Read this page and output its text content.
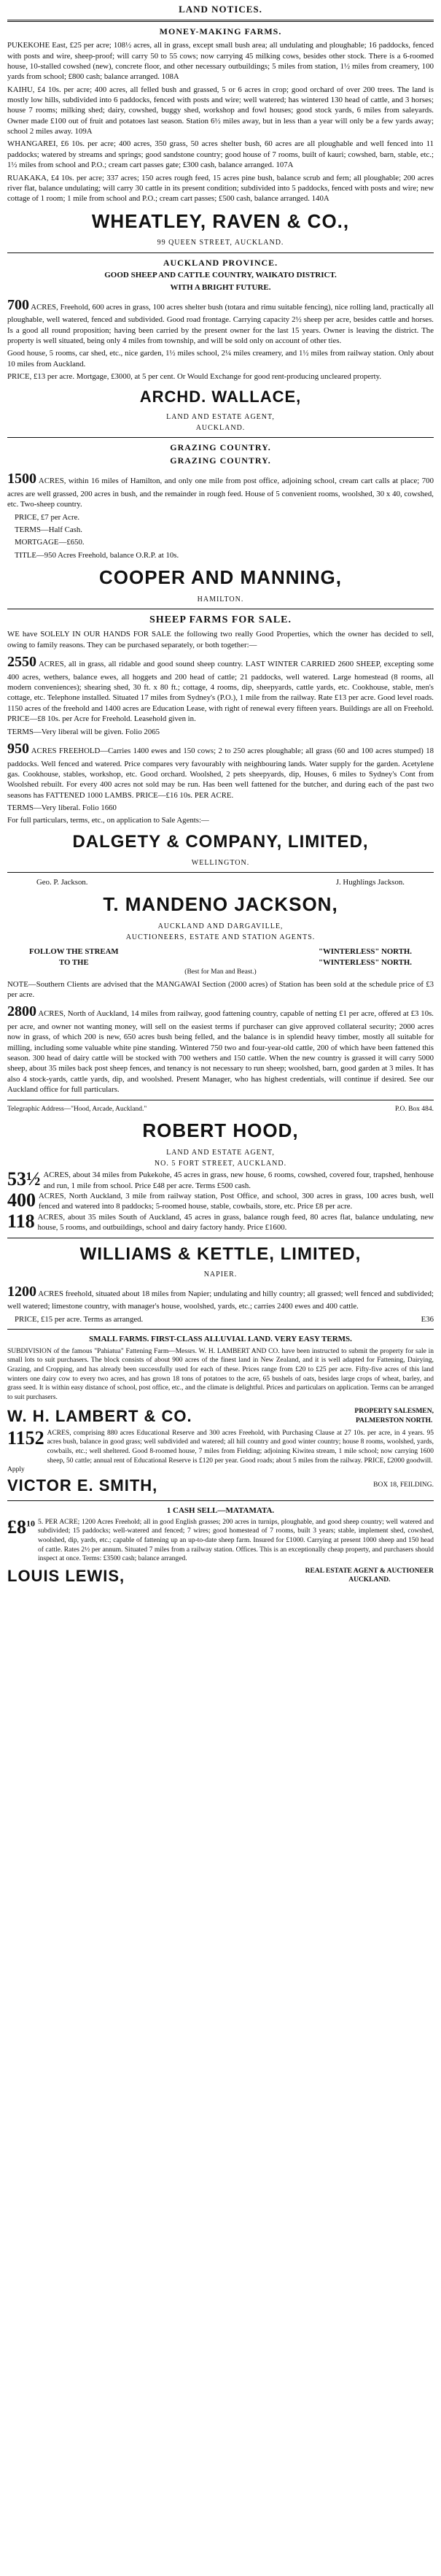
LAND NOTICES.
MONEY-MAKING FARMS.

PUKEKOHE East, £25 per acre; 108½ acres, all in grass, except small bush area; all undulating and ploughable; 16 paddocks, fenced with posts and wire, sheep-proof; will carry 50 to 55 cows; now carrying 45 milking cows, besides other stock. There is a 6-roomed house, 10-stalled cowshed (new), concrete floor, and other necessary outbuildings; 5 miles from station, 1½ miles from creamery, 100 yards from school; £800 cash; balance arranged. 108A

KAIHU, £4 10s. per acre; 400 acres, all felled bush and grassed, 5 or 6 acres in crop; good orchard of over 200 trees. The land is mostly low hills, subdivided into 6 paddocks, fenced with posts and wire; well watered; has wintered 130 head of cattle, and 3 horses; house 7 rooms; milking shed; dairy, cowshed, buggy shed, workshop and fowl houses; good stock yards, 6 miles from saleyards. Owner made £100 out of fruit and potatoes last season. Station 6½ miles away, but in less than a year will only be a few yards away; school 2 miles away. 109A

WHANGAREI, £6 10s. per acre; 400 acres, 350 grass, 50 acres shelter bush, 60 acres are all ploughable and well fenced into 11 paddocks; watered by streams and springs; good sandstone country; good house of 7 rooms, built of kauri; cowshed, barn, stable, etc.; 1½ miles from school and P.O.; cream cart passes gate; £300 cash, balance arranged. 107A

RUAKAKA, £4 10s. per acre; 337 acres; 150 acres rough feed, 15 acres pine bush, balance scrub and fern; all ploughable; 200 acres river flat, balance undulating; will carry 30 cattle in its present condition; subdivided into 5 paddocks, fenced with posts and wire; new cottage of 1 room; 1 mile from school and P.O.; cream cart passes; £500 cash, balance arranged. 140A

WHEATLEY, RAVEN & CO.,
99 QUEEN STREET, AUCKLAND.
AUCKLAND PROVINCE.
GOOD SHEEP AND CATTLE COUNTRY, WAIKATO DISTRICT.
WITH A BRIGHT FUTURE.

700 ACRES, Freehold, 600 acres in grass, 100 acres shelter bush (totara and rimu suitable fencing), nice rolling land, practically all ploughable, well watered, fenced and subdivided. Good road frontage. Carrying capacity 2½ sheep per acre, besides cattle and horses. Is a good all round proposition; having been carried by the present owner for the last 15 years. Owner is leaving the district. The property is well situated, being only 4 miles from township, and will be sold only on account of other ties.

Good house, 5 rooms, car shed, etc., nice garden, 1½ miles school, 2¼ miles creamery, and 1½ miles from railway station. Only about 10 miles from Auckland.

PRICE, £13 per acre. Mortgage, £3000, at 5 per cent. Or Would Exchange for good rent-producing uncleared property.

ARCHD. WALLACE,
LAND AND ESTATE AGENT,
AUCKLAND.
GRAZING COUNTRY.
GRAZING COUNTRY.

1500 ACRES, within 16 miles of Hamilton, and only one mile from post office, adjoining school, cream cart calls at place; 700 acres are well grassed, 200 acres in bush, and the remainder in rough feed. House of 5 convenient rooms, woolshed, 30 x 40, cowshed, etc. Two-sheep country.

PRICE, £7 per Acre.

TERMS—Half Cash.

MORTGAGE—£650.

TITLE—950 Acres Freehold, balance O.R.P. at 10s.

COOPER AND MANNING,
HAMILTON.
SHEEP FARMS FOR SALE.

WE have SOLELY IN OUR HANDS FOR SALE the following two really Good Properties, which the owner has decided to sell, owing to family reasons. They can be purchased separately, or both together:—

2550 ACRES, all in grass, all ridable and good sound sheep country. LAST WINTER CARRIED 2600 SHEEP, excepting some 400 acres, wethers, balance ewes, all hoggets and 200 head of cattle; 21 paddocks, well watered. Large homestead (8 rooms, all modern conveniences); shearing shed, 30 ft. x 80 ft.; cottage, 4 rooms, dip, sheepyards, cattle yards, etc. Cookhouse, stable, men's cottage, etc. Telephone installed. Situated 17 miles from Sydney's (P.O.), 1 mile from the railway. Rate £13 per acre. Good level roads. 1150 acres of the freehold and 1400 acres are Education Lease, with right of renewal every fifteen years. Buildings are all on Freehold. PRICE—£8 10s. per Acre for Freehold. Leasehold given in.

TERMS—Very liberal will be given. Folio 2065

950 ACRES FREEHOLD—Carries 1400 ewes and 150 cows; 2 to 250 acres ploughable; all grass (60 and 100 acres stumped) 18 paddocks. Well fenced and watered. Price compares very favourably with neighbouring lands. Water supply for the garden. Acetylene gas. Cookhouse, stables, workshop, etc. Good orchard. Woolshed, 2 pets sheepyards, dip, Houses, 6 miles to Sydney's Cont from Woolshed rebuilt. For every 400 acres not sold may be run. Has been well fattened for the butcher, and during each of the past two seasons has FATTENED 1000 LAMBS. PRICE—£16 10s. PER ACRE.

TERMS—Very liberal. Folio 1660

For full particulars, terms, etc., on application to Sale Agents:—

DALGETY & COMPANY, LIMITED,
WELLINGTON.
Geo. P. Jackson.	J. Hughlings Jackson.
T. MANDENO JACKSON,
AUCKLAND AND DARGAVILLE,
AUCTIONEERS, ESTATE AND STATION AGENTS.
FOLLOW THE STREAM
TO THE
"WINTERLESS" NORTH.
"WINTERLESS" NORTH.
(Best for Man and Beast.)

NOTE—Southern Clients are advised that the MANGAWAI Section (2000 acres) of Station has been sold at the schedule price of £3 per acre.

2800 ACRES, North of Auckland, 14 miles from railway, good fattening country, capable of netting £1 per acre, offered at £3 10s. per acre, and owner not wanting money, will sell on the easiest terms if purchaser can give approved collateral security; 2000 acres now in grass, of which 200 is new, 650 acres bush being felled, and the balance is in splendid heavy timber, mostly all suitable for milling, including some valuable white pine standing. Wintered 750 two and four-year-old cattle, 200 of which have been fattened this season. 300 head of dairy cattle will be stocked with 700 wethers and 150 cattle. When the new country is grassed it will carry 5000 sheep, about 35 miles back post sheep fences, and tenancy is not necessary to run sheep; woolshed, barn, good garden at 3 miles. It has also 4 stock-yards, cattle yards, dip, and woolshed. Present Manager, who has highest credentials, will continue if desired. See our Auckland office for full particulars.

Telegraphic Address—"Hood, Arcade, Auckland."	P.O. Box 484.
ROBERT HOOD,
LAND AND ESTATE AGENT,
NO. 5 FORT STREET, AUCKLAND.
53½ ACRES, about 34 miles from Pukekohe, 45 acres in grass, new house, 6 rooms, cowshed, covered four, trapshed, henhouse and run, 1 mile from school. Price £48 per acre. Terms £500 cash.

400 ACRES, North Auckland, 3 mile from railway station, Post Office, and school, 300 acres in grass, 100 acres bush, well fenced and watered into 8 paddocks; 5-roomed house, stable, cowbails, store, etc. Price £8 per acre.

118 ACRES, about 35 miles South of Auckland, 45 acres in grass, balance rough feed, 80 acres flat, balance undulating, new house, 5 rooms, and outbuildings, school and dairy factory handy. Price £1600.

WILLIAMS & KETTLE, LIMITED,
NAPIER.

1200 ACRES freehold, situated about 18 miles from Napier; undulating and hilly country; all grassed; well fenced and subdivided; well watered; limestone country, with manager's house, woolshed, yards, etc.; carries 2400 ewes and 400 cattle.

PRICE, £15 per acre. Terms as arranged.	E36
SMALL FARMS. FIRST-CLASS ALLUVIAL LAND. VERY EASY TERMS.

SUBDIVISION of the famous "Pahiatua" Fattening Farm—Messrs. W. H. LAMBERT AND CO. have been instructed to submit the property for sale in small lots to suit purchasers. The block consists of about 900 acres of the finest land in New Zealand, and it is well adapted for Fattening, Dairying, Grazing, and Cropping, and has already been successfully used for each of these. Prices range from £20 to £25 per acre. Fifty-five acres of this land winters one dairy cow to every two acres, and has grown 18 tons of potatoes to the acre, 65 bushels of oats, besides large crops of wheat, barley, and grass seed. It is within easy distance of school, post office, etc., and the climate is delightful. Prices and particulars on application. Terms can be arranged to suit purchasers.

W. H. LAMBERT & CO.	PROPERTY SALESMEN,
PALMERSTON NORTH.
1152 ACRES, comprising 880 acres Educational Reserve and 300 acres Freehold, with Purchasing Clause at 27 10s. per acre, in 4 years. 95 acres bush, balance in good grass; well subdivided and watered; all hill country and good winter country; house 8 rooms, woolshed, yards, cowbails, etc.; well sheltered. Good 8-roomed house, 7 miles from Fielding; adjoining Kiwitea stream, 1 mile school; now carrying 1600 sheep, 50 cattle; annual rent of Educational Reserve is £120 per year. Good roads; about 5 miles from the railway. PRICE, £2000 goodwill.

Apply
VICTOR E. SMITH,	BOX 18, FEILDING.
1 CASH SELL—MATAMATA.
$£8^{10}$ 5. PER ACRE; 1200 Acres Freehold; all in good English grasses; 200 acres in turnips, ploughable, and good sheep country; well watered and subdivided; 15 paddocks; well-watered and fenced; 7 wires; good homestead of 7 rooms, built 3 years; stable, implement shed, cowshed, woolshed, dip, yards, etc.; capable of fattening up an up-to-date sheep farm. Insured for £1000. Carrying at present 1000 sheep and 150 head of cattle. Rates 2½ per annum. Situated 7 miles from a railway station. Offices. This is an exceptionally cheap property, and purchasers should inspect at once. Terms: £3500 cash; balance arranged.

LOUIS LEWIS,	REAL ESTATE AGENT & AUCTIONEER
AUCKLAND.
